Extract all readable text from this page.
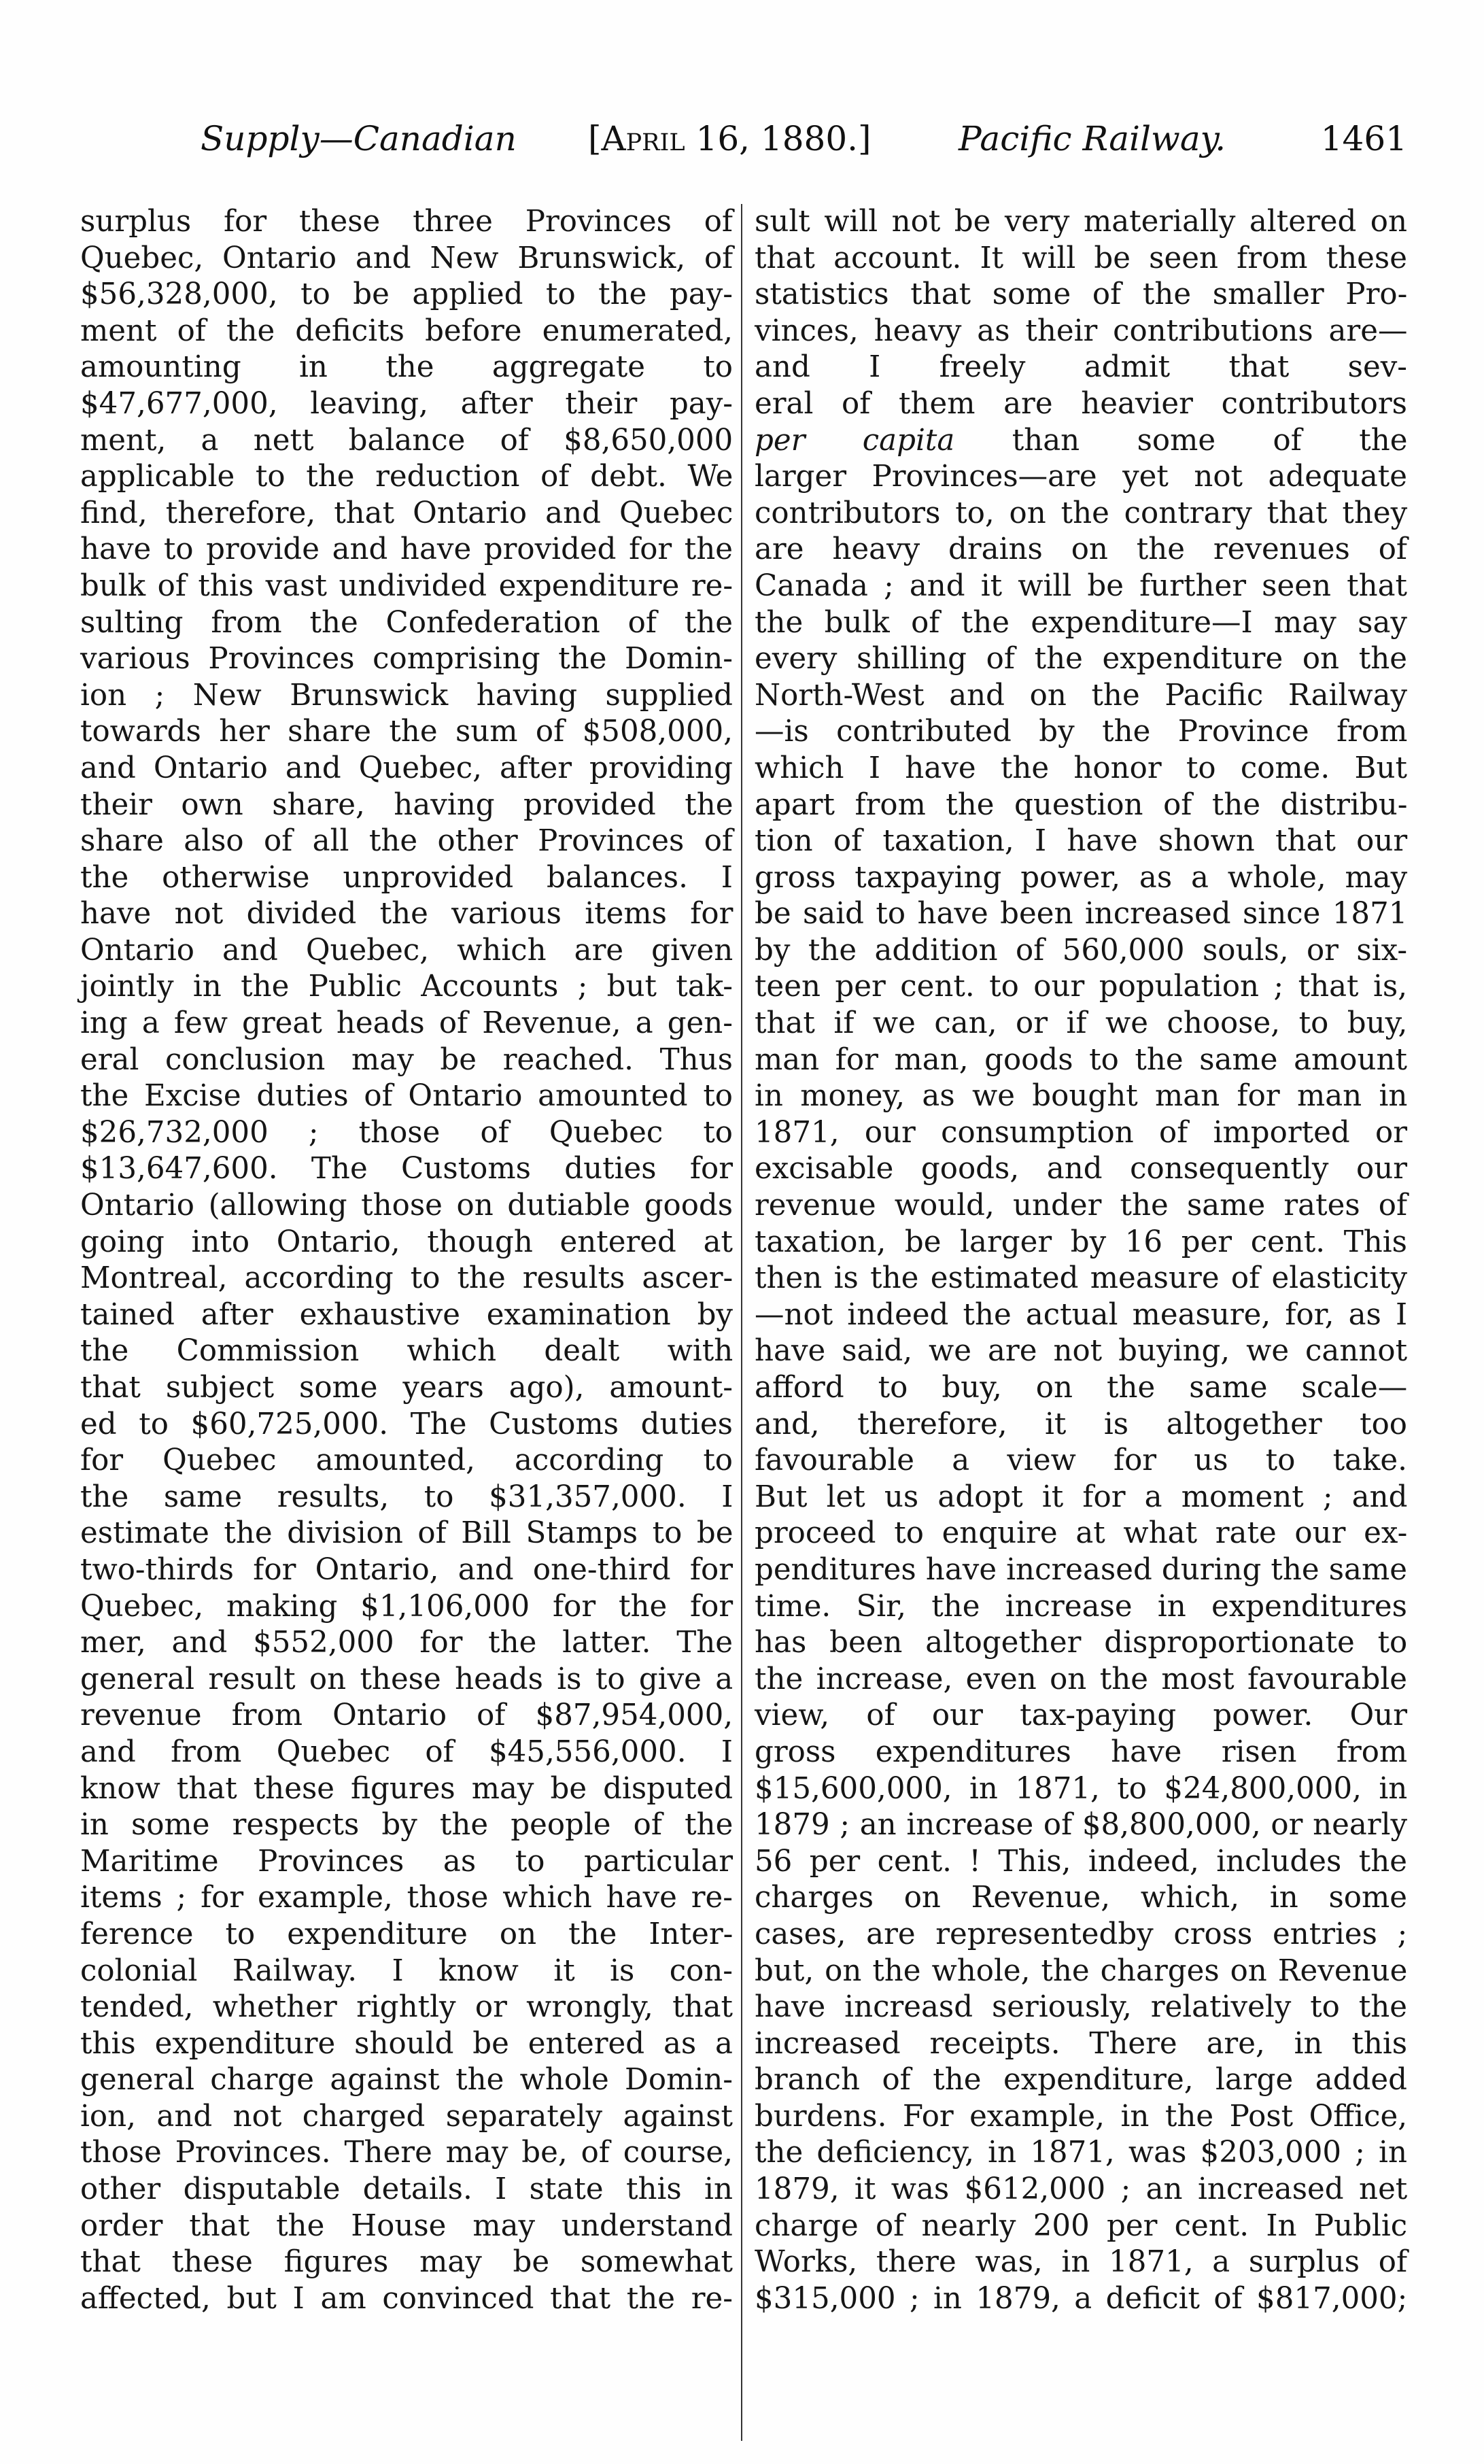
Supply—Canadian [April 16, 1880.]	Pacific Railway.	1461
surplus for these three Provinces of
Quebec, Ontario and New Brunswick, of
$56,328,000, to be applied to the pay-
ment of the deficits before enumerated,
amounting in the aggregate to
$47,677,000, leaving, after their pay-
ment, a nett balance of $8,650,000
applicable to the reduction of debt. We
find, therefore, that Ontario and Quebec
have to provide and have provided for the
bulk of this vast undivided expenditure re-
sulting from the Confederation of the
various Provinces comprising the Domin-
ion ; New Brunswick having supplied
towards her share the sum of $508,000,
and Ontario and Quebec, after providing
their own share, having provided the
share also of all the other Provinces of
the otherwise unprovided balances. I
have not divided the various items for
Ontario and Quebec, which are given
jointly in the Public Accounts ; but tak-
ing a few great heads of Revenue, a gen-
eral conclusion may be reached. Thus
the Excise duties of Ontario amounted to
$26,732,000 ; those of Quebec to
$13,647,600. The Customs duties for
Ontario (allowing those on dutiable goods
going into Ontario, though entered at
Montreal, according to the results ascer-
tained after exhaustive examination by
the Commission which dealt with
that subject some years ago), amount-
ed to $60,725,000. The Customs duties
for Quebec amounted, according to
the same results, to $31,357,000. I
estimate the division of Bill Stamps to be
two-thirds for Ontario, and one-third for
Quebec, making $1,106,000 for the for
mer, and $552,000 for the latter. The
general result on these heads is to give a
revenue from Ontario of $87,954,000,
and from Quebec of $45,556,000. I
know that these figures may be disputed
in some respects by the people of the
Maritime Provinces as to particular
items ; for example, those which have re-
ference to expenditure on the Inter-
colonial Railway. I know it is con-
tended, whether rightly or wrongly, that
this expenditure should be entered as a
general charge against the whole Domin-
ion, and not charged separately against
those Provinces. There may be, of course,
other disputable details. I state this in
order that the House may understand
that these figures may be somewhat
affected, but I am convinced that the re-
sult will not be very materially altered on
that account. It will be seen from these
statistics that some of the smaller Pro-
vinces, heavy as their contributions are—
and I freely admit that sev-
eral of them are heavier contributors
per capita than some of the
larger Provinces—are yet not adequate
contributors to, on the contrary that they
are heavy drains on the revenues of
Canada ; and it will be further seen that
the bulk of the expenditure—I may say
every shilling of the expenditure on the
North-West and on the Pacific Railway
—is contributed by the Province from
which I have the honor to come. But
apart from the question of the distribu-
tion of taxation, I have shown that our
gross taxpaying power, as a whole, may
be said to have been increased since 1871
by the addition of 560,000 souls, or six-
teen per cent. to our population ; that is,
that if we can, or if we choose, to buy,
man for man, goods to the same amount
in money, as we bought man for man in
1871, our consumption of imported or
excisable goods, and consequently our
revenue would, under the same rates of
taxation, be larger by 16 per cent. This
then is the estimated measure of elasticity
—not indeed the actual measure, for, as I
have said, we are not buying, we cannot
afford to buy, on the same scale—
and, therefore, it is altogether too
favourable a view for us to take.
But let us adopt it for a moment ; and
proceed to enquire at what rate our ex-
penditures have increased during the same
time. Sir, the increase in expenditures
has been altogether disproportionate to
the increase, even on the most favourable
view, of our tax-paying power. Our
gross expenditures have risen from
$15,600,000, in 1871, to $24,800,000, in
1879 ; an increase of $8,800,000, or nearly
56 per cent. ! This, indeed, includes the
charges on Revenue, which, in some
cases, are representedby cross entries ;
but, on the whole, the charges on Revenue
have increasd seriously, relatively to the
increased receipts. There are, in this
branch of the expenditure, large added
burdens. For example, in the Post Office,
the deficiency, in 1871, was $203,000 ; in
1879, it was $612,000 ; an increased net
charge of nearly 200 per cent. In Public
Works, there was, in 1871, a surplus of
$315,000 ; in 1879, a deficit of $817,000;
